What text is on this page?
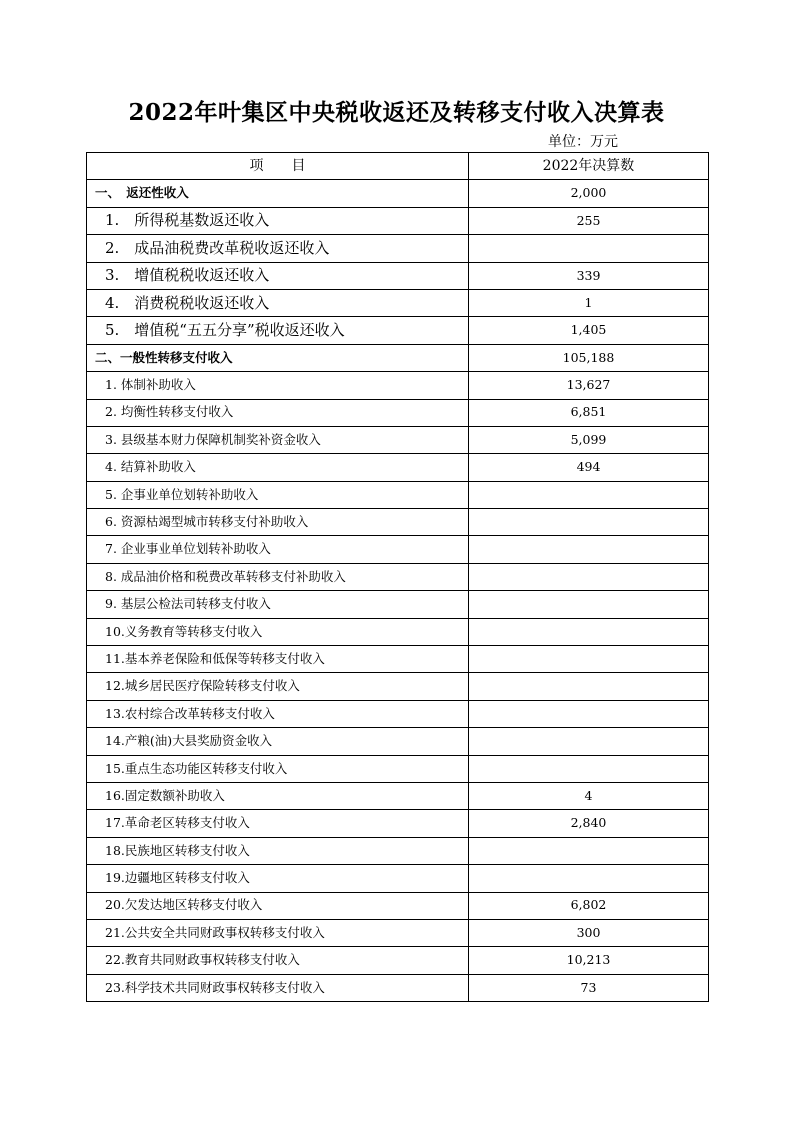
2022年叶集区中央税收返还及转移支付收入决算表
单位：万元
项　　目	2022年决算数
一、　返还性收入	2,000
1.　所得税基数返还收入	255
2.　成品油税费改革税收返还收入	
3.　增值税税收返还收入	339
4.　消费税税收返还收入	1
5.　增值税“五五分享”税收返还收入	1,405
二、一般性转移支付收入	105,188
1. 体制补助收入	13,627
2. 均衡性转移支付收入	6,851
3. 县级基本财力保障机制奖补资金收入	5,099
4. 结算补助收入	494
5. 企事业单位划转补助收入	
6. 资源枯竭型城市转移支付补助收入	
7. 企业事业单位划转补助收入	
8. 成品油价格和税费改革转移支付补助收入	
9. 基层公检法司转移支付收入	
10.义务教育等转移支付收入	
11.基本养老保险和低保等转移支付收入	
12.城乡居民医疗保险转移支付收入	
13.农村综合改革转移支付收入	
14.产粮(油)大县奖励资金收入	
15.重点生态功能区转移支付收入	
16.固定数额补助收入	4
17.革命老区转移支付收入	2,840
18.民族地区转移支付收入	
19.边疆地区转移支付收入	
20.欠发达地区转移支付收入	6,802
21.公共安全共同财政事权转移支付收入	300
22.教育共同财政事权转移支付收入	10,213
23.科学技术共同财政事权转移支付收入	73
